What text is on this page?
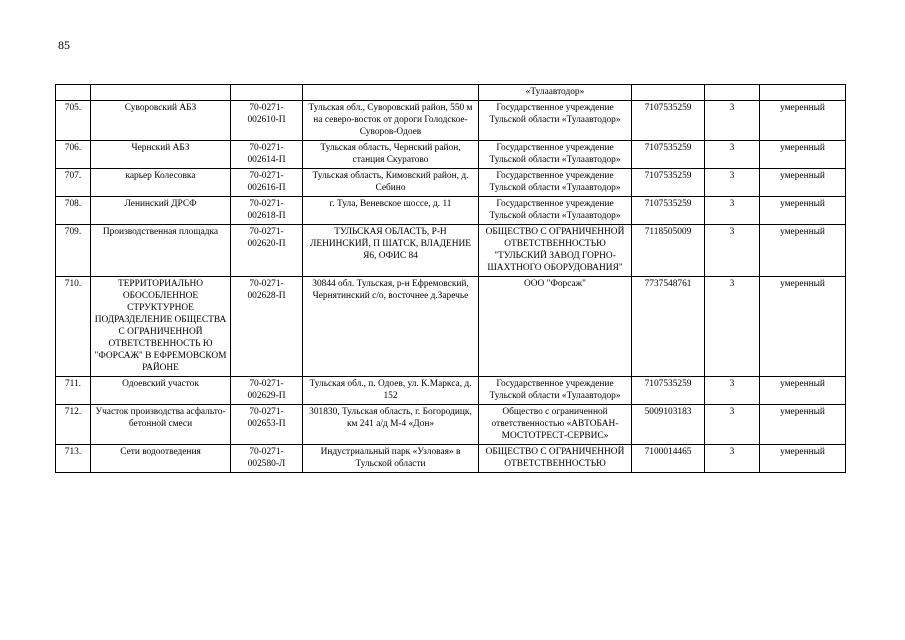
85
				«Тулаавтодор»			
705.	Суворовский АБЗ	70-0271-002610-П	Тульская обл., Суворовский район, 550 м на северо-восток от дороги Голодское-Суворов-Одоев	Государственное учреждение Тульской области «Тулаавтодор»	7107535259	3	умеренный
706.	Чернский АБЗ	70-0271-002614-П	Тульская область, Чернский район, станция Скуратово	Государственное учреждение Тульской области «Тулаавтодор»	7107535259	3	умеренный
707.	карьер Колесовка	70-0271-002616-П	Тульская область, Кимовский район, д. Себино	Государственное учреждение Тульской области «Тулаавтодор»	7107535259	3	умеренный
708.	Ленинский ДРСФ	70-0271-002618-П	г. Тула, Веневское шоссе, д. 11	Государственное учреждение Тульской области «Тулаавтодор»	7107535259	3	умеренный
709.	Производственная площадка	70-0271-002620-П	ТУЛЬСКАЯ ОБЛАСТЬ, Р-Н ЛЕНИНСКИЙ, П ШАТСК, ВЛАДЕНИЕ Я6, ОФИС 84	ОБЩЕСТВО С ОГРАНИЧЕННОЙ ОТВЕТСТВЕННОСТЬЮ "ТУЛЬСКИЙ ЗАВОД ГОРНО-ШАХТНОГО ОБОРУДОВАНИЯ"	7118505009	3	умеренный
710.	ТЕРРИТОРИАЛЬНО ОБОСОБЛЕННОЕ СТРУКТУРНОЕ ПОДРАЗДЕЛЕНИЕ ОБЩЕСТВА С ОГРАНИЧЕННОЙ ОТВЕТСТВЕННОСТЬ Ю "ФОРСАЖ" В ЕФРЕМОВСКОМ РАЙОНЕ	70-0271-002628-П	30844 обл. Тульская, р-н Ефремовский, Чернятинский с/о, восточнее д.Заречье	ООО "Форсаж"	7737548761	3	умеренный
711.	Одоевский участок	70-0271-002629-П	Тульская обл., п. Одоев, ул. К.Маркса, д. 152	Государственное учреждение Тульской области «Тулаавтодор»	7107535259	3	умеренный
712.	Участок производства асфальто-бетонной смеси	70-0271-002653-П	301830, Тульская область, г. Богородицк, км 241 а/д М-4 «Дон»	Общество с ограниченной ответственностью «АВТОБАН-МОСТОТРЕСТ-СЕРВИС»	5009103183	3	умеренный
713.	Сети водоотведения	70-0271-002580-Л	Индустриальный парк «Узловая» в Тульской области	ОБЩЕСТВО С ОГРАНИЧЕННОЙ ОТВЕТСТВЕННОСТЬЮ	7100014465	3	умеренный
